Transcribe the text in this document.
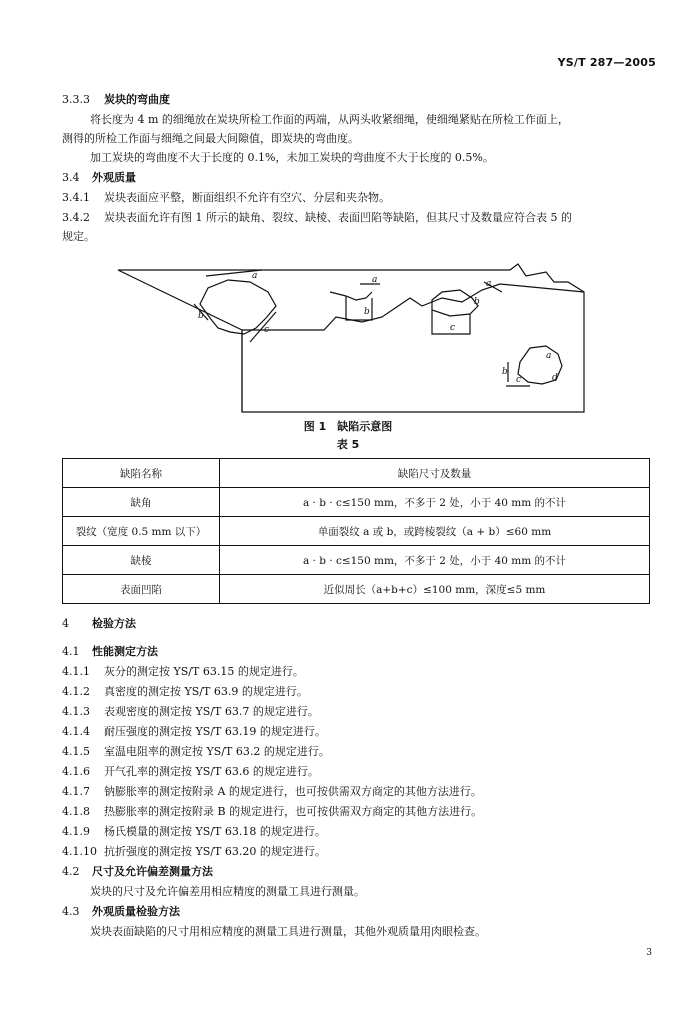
YS/T 287—2005
3.3.3 炭块的弯曲度
将长度为 4 m 的细绳放在炭块所检工作面的两端，从两头收紧细绳，使细绳紧贴在所检工作面上，
测得的所检工作面与细绳之间最大间隙值，即炭块的弯曲度。
加工炭块的弯曲度不大于长度的 0.1%，未加工炭块的弯曲度不大于长度的 0.5%。
3.4 外观质量
3.4.1 炭块表面应平整，断面组织不允许有空穴、分层和夹杂物。
3.4.2 炭块表面允许有图 1 所示的缺角、裂纹、缺棱、表面凹陷等缺陷，但其尺寸及数量应符合表 5 的
规定。
a
b
c
a
b
a
b
c
a
b
c	d
图 1　缺陷示意图
表 5
缺陷名称	缺陷尺寸及数量
缺角	a · b · c≤150 mm，不多于 2 处，小于 40 mm 的不计
裂纹（宽度 0.5 mm 以下）	单面裂纹 a 或 b，或跨棱裂纹（a + b）≤60 mm
缺棱	a · b · c≤150 mm，不多于 2 处，小于 40 mm 的不计
表面凹陷	近似周长（a+b+c）≤100 mm，深度≤5 mm
4 检验方法
4.1 性能测定方法
4.1.1 灰分的测定按 YS/T 63.15 的规定进行。
4.1.2 真密度的测定按 YS/T 63.9 的规定进行。
4.1.3 表观密度的测定按 YS/T 63.7 的规定进行。
4.1.4 耐压强度的测定按 YS/T 63.19 的规定进行。
4.1.5 室温电阻率的测定按 YS/T 63.2 的规定进行。
4.1.6 开气孔率的测定按 YS/T 63.6 的规定进行。
4.1.7 钠膨胀率的测定按附录 A 的规定进行，也可按供需双方商定的其他方法进行。
4.1.8 热膨胀率的测定按附录 B 的规定进行，也可按供需双方商定的其他方法进行。
4.1.9 杨氏模量的测定按 YS/T 63.18 的规定进行。
4.1.10 抗折强度的测定按 YS/T 63.20 的规定进行。
4.2 尺寸及允许偏差测量方法
炭块的尺寸及允许偏差用相应精度的测量工具进行测量。
4.3 外观质量检验方法
炭块表面缺陷的尺寸用相应精度的测量工具进行测量，其他外观质量用肉眼检查。
3
